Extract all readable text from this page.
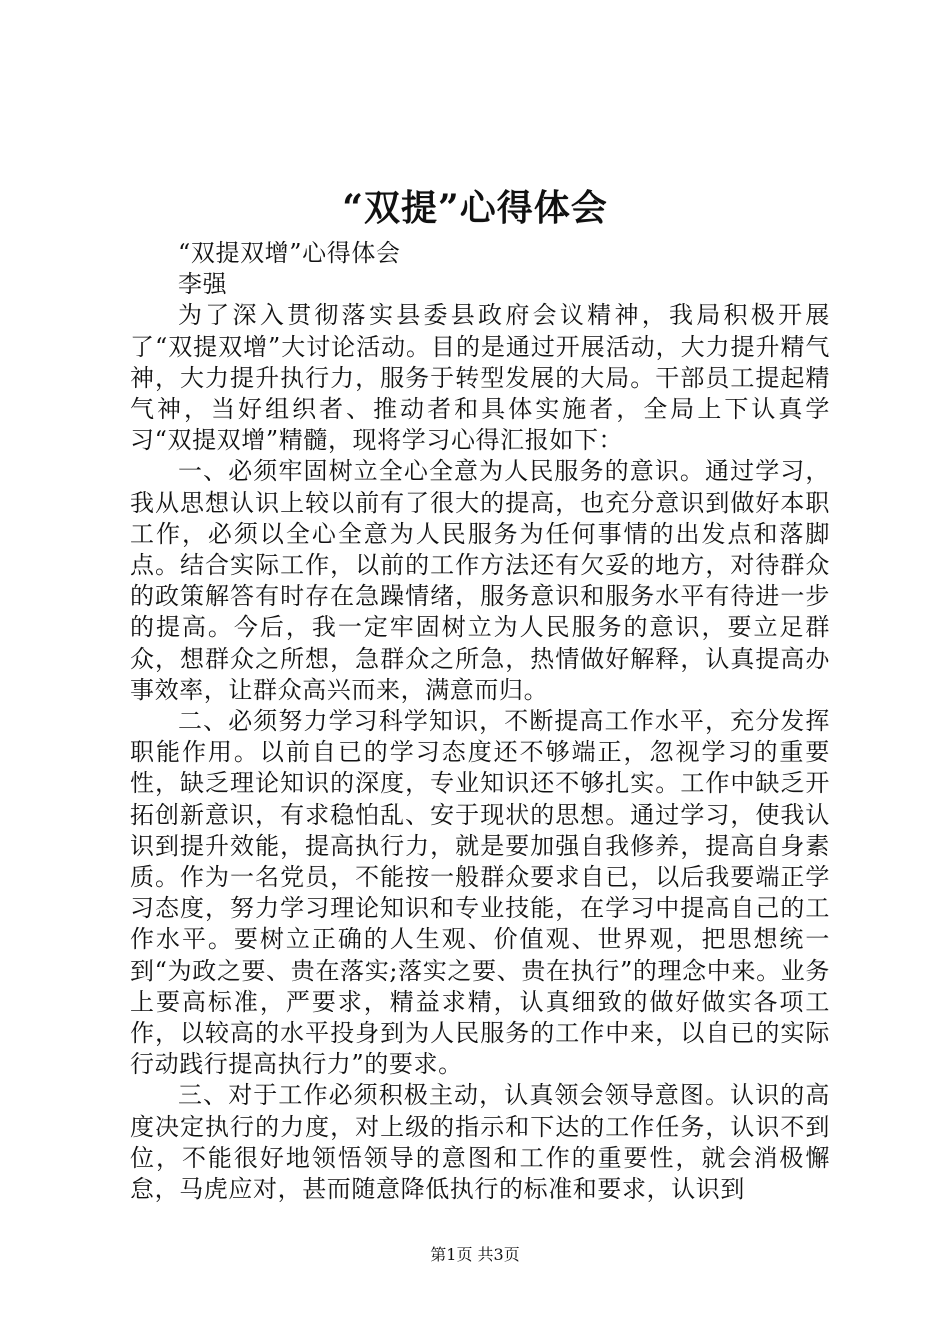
“双提”心得体会

“双提双增”心得体会

李强

为了深入贯彻落实县委县政府会议精神，我局积极开展了“双提双增”大讨论活动。目的是通过开展活动，大力提升精气神，大力提升执行力，服务于转型发展的大局。干部员工提起精气神，当好组织者、推动者和具体实施者，全局上下认真学习“双提双增”精髓，现将学习心得汇报如下：

一、必须牢固树立全心全意为人民服务的意识。通过学习，我从思想认识上较以前有了很大的提高，也充分意识到做好本职工作，必须以全心全意为人民服务为任何事情的出发点和落脚点。结合实际工作，以前的工作方法还有欠妥的地方，对待群众的政策解答有时存在急躁情绪，服务意识和服务水平有待进一步的提高。今后，我一定牢固树立为人民服务的意识，要立足群众，想群众之所想，急群众之所急，热情做好解释，认真提高办事效率，让群众高兴而来，满意而归。

二、必须努力学习科学知识，不断提高工作水平，充分发挥职能作用。以前自已的学习态度还不够端正，忽视学习的重要性，缺乏理论知识的深度，专业知识还不够扎实。工作中缺乏开拓创新意识，有求稳怕乱、安于现状的思想。通过学习，使我认识到提升效能，提高执行力，就是要加强自我修养，提高自身素质。作为一名党员，不能按一般群众要求自已，以后我要端正学习态度，努力学习理论知识和专业技能，在学习中提高自己的工作水平。要树立正确的人生观、价值观、世界观，把思想统一到“为政之要、贵在落实;落实之要、贵在执行”的理念中来。业务上要高标准，严要求，精益求精，认真细致的做好做实各项工作，以较高的水平投身到为人民服务的工作中来，以自已的实际行动践行提高执行力”的要求。

三、对于工作必须积极主动，认真领会领导意图。认识的高度决定执行的力度，对上级的指示和下达的工作任务，认识不到位，不能很好地领悟领导的意图和工作的重要性，就会消极懈怠，马虎应对，甚而随意降低执行的标准和要求，认识到

第1页 共3页
